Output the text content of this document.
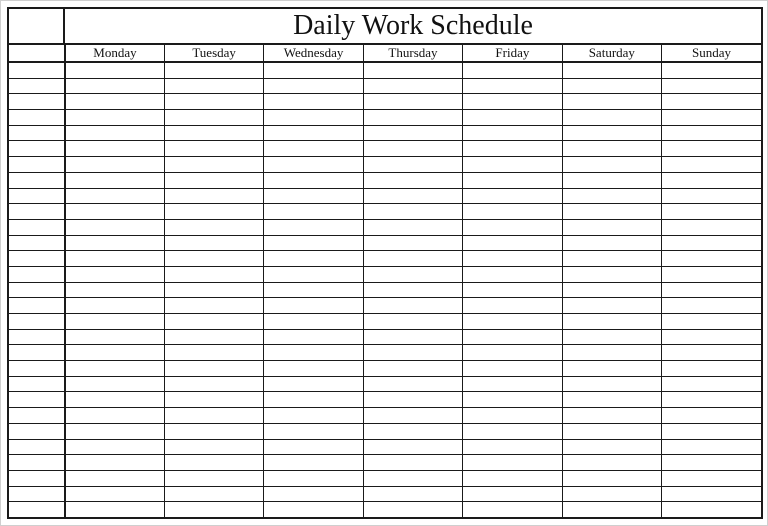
Daily Work Schedule
	Monday	Tuesday	Wednesday	Thursday	Friday	Saturday	Sunday
